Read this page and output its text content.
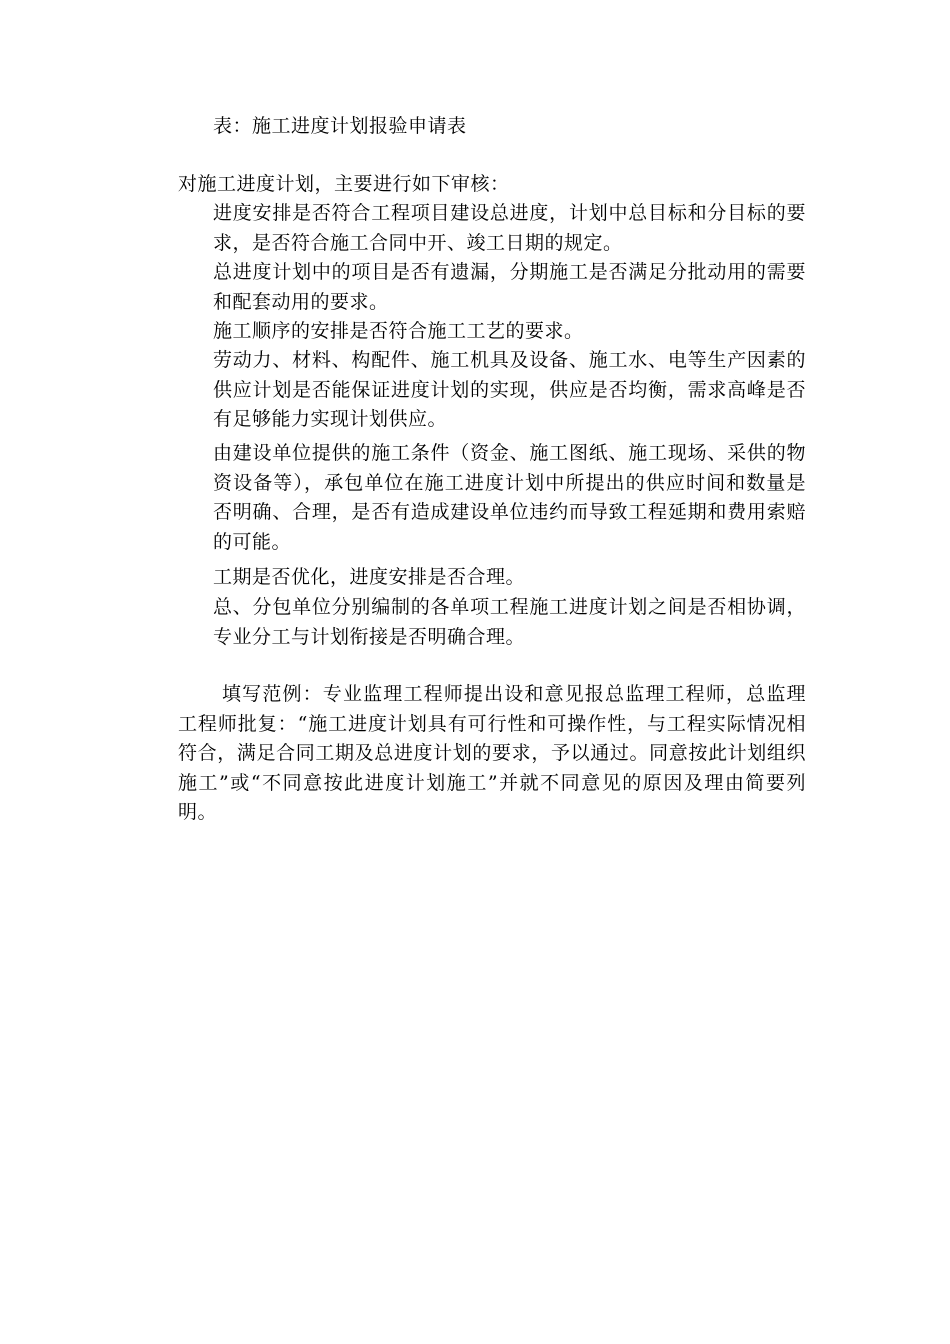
表：施工进度计划报验申请表
对施工进度计划，主要进行如下审核：
进度安排是否符合工程项目建设总进度，计划中总目标和分目标的要求，是否符合施工合同中开、竣工日期的规定。
总进度计划中的项目是否有遗漏，分期施工是否满足分批动用的需要和配套动用的要求。
施工顺序的安排是否符合施工工艺的要求。
劳动力、材料、构配件、施工机具及设备、施工水、电等生产因素的供应计划是否能保证进度计划的实现，供应是否均衡，需求高峰是否有足够能力实现计划供应。
由建设单位提供的施工条件（资金、施工图纸、施工现场、采供的物资设备等），承包单位在施工进度计划中所提出的供应时间和数量是否明确、合理，是否有造成建设单位违约而导致工程延期和费用索赔的可能。
工期是否优化，进度安排是否合理。
总、分包单位分别编制的各单项工程施工进度计划之间是否相协调，专业分工与计划衔接是否明确合理。
填写范例：专业监理工程师提出设和意见报总监理工程师，总监理工程师批复：“施工进度计划具有可行性和可操作性，与工程实际情况相符合，满足合同工期及总进度计划的要求，予以通过。同意按此计划组织施工”或“不同意按此进度计划施工”并就不同意见的原因及理由简要列明。
